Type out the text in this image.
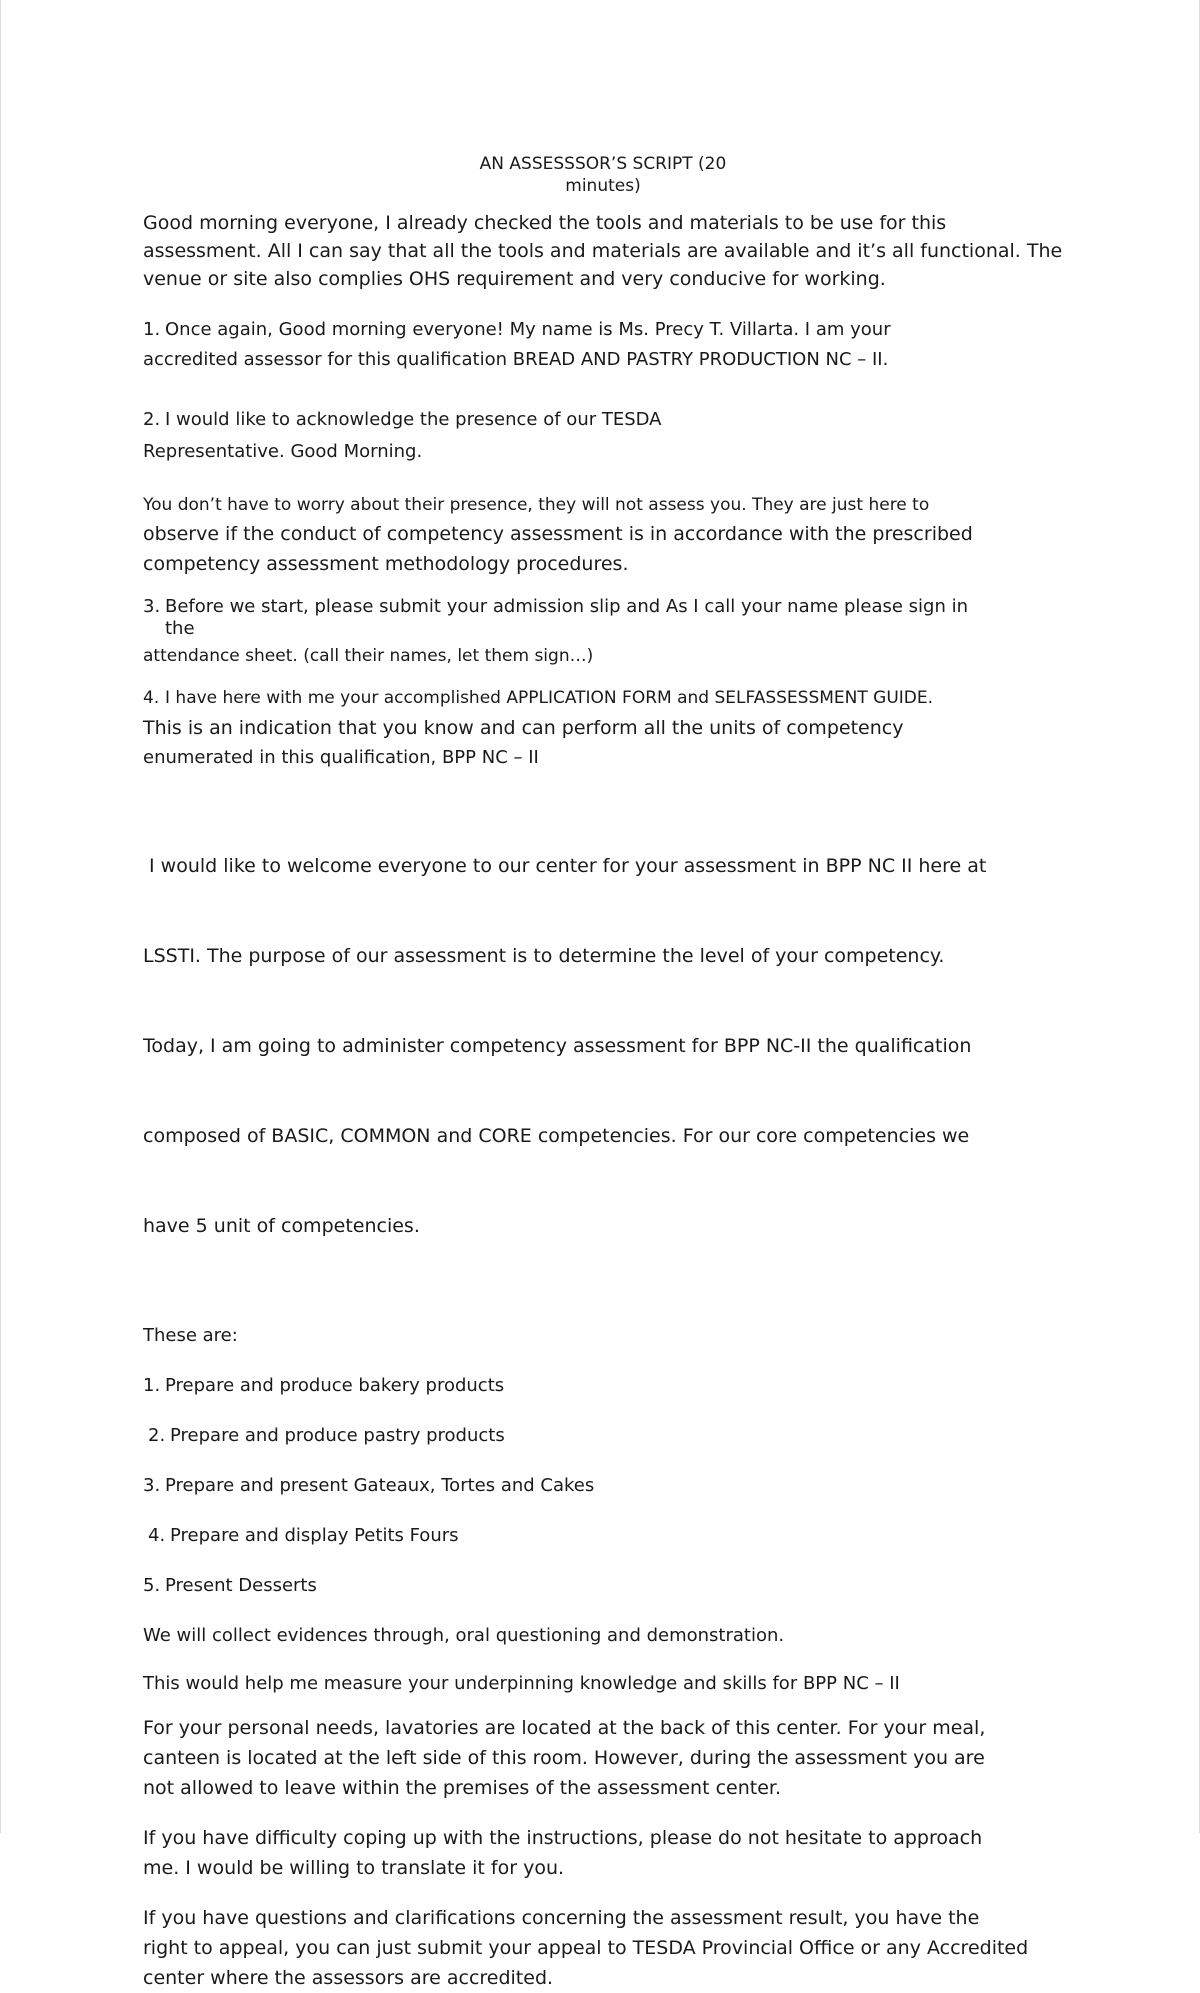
AN ASSESSSOR’S SCRIPT (20
minutes)

Good morning everyone, I already checked the tools and materials to be use for this assessment. All I can say that all the tools and materials are available and it’s all functional. The venue or site also complies OHS requirement and very conducive for working.

1. Once again, Good morning everyone! My name is Ms. Precy T. Villarta. I am your
accredited assessor for this qualification BREAD AND PASTRY PRODUCTION NC – II.
2. I would like to acknowledge the presence of our TESDA
Representative. Good Morning.
You don’t have to worry about their presence, they will not assess you. They are just here to
observe if the conduct of competency assessment is in accordance with the prescribed
competency assessment methodology procedures.
3. Before we start, please submit your admission slip and As I call your name please sign in
the
attendance sheet. (call their names, let them sign…)
4. I have here with me your accomplished APPLICATION FORM and SELFASSESSMENT GUIDE.
This is an indication that you know and can perform all the units of competency
enumerated in this qualification, BPP NC – II

I would like to welcome everyone to our center for your assessment in BPP NC II here at

LSSTI. The purpose of our assessment is to determine the level of your competency.

Today, I am going to administer competency assessment for BPP NC-II the qualification

composed of BASIC, COMMON and CORE competencies. For our core competencies we

have 5 unit of competencies.

These are:
1. Prepare and produce bakery products
2. Prepare and produce pastry products
3. Prepare and present Gateaux, Tortes and Cakes
4. Prepare and display Petits Fours
5. Present Desserts
We will collect evidences through, oral questioning and demonstration.
This would help me measure your underpinning knowledge and skills for BPP NC – II
For your personal needs, lavatories are located at the back of this center. For your meal,
canteen is located at the left side of this room. However, during the assessment you are
not allowed to leave within the premises of the assessment center.
If you have difficulty coping up with the instructions, please do not hesitate to approach
me. I would be willing to translate it for you.
If you have questions and clarifications concerning the assessment result, you have the
right to appeal, you can just submit your appeal to TESDA Provincial Office or any Accredited
center where the assessors are accredited.
